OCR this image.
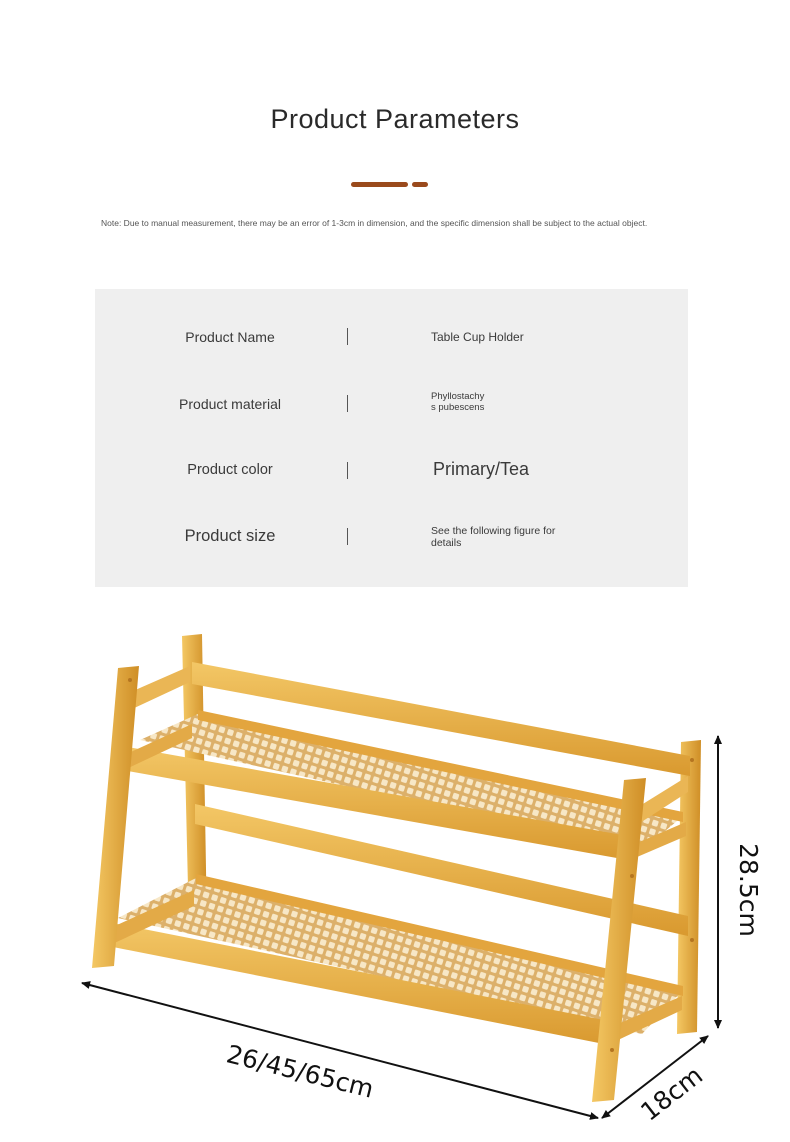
Product Parameters
Note: Due to manual measurement, there may be an error of 1-3cm in dimension, and the specific dimension shall be subject to the actual object.
Product Name	Table Cup Holder
Product material	Phyllostachy
s pubescens
Product color	Primary/Tea
Product size	See the following figure for
details
26/45/65cm
28.5cm
18cm
